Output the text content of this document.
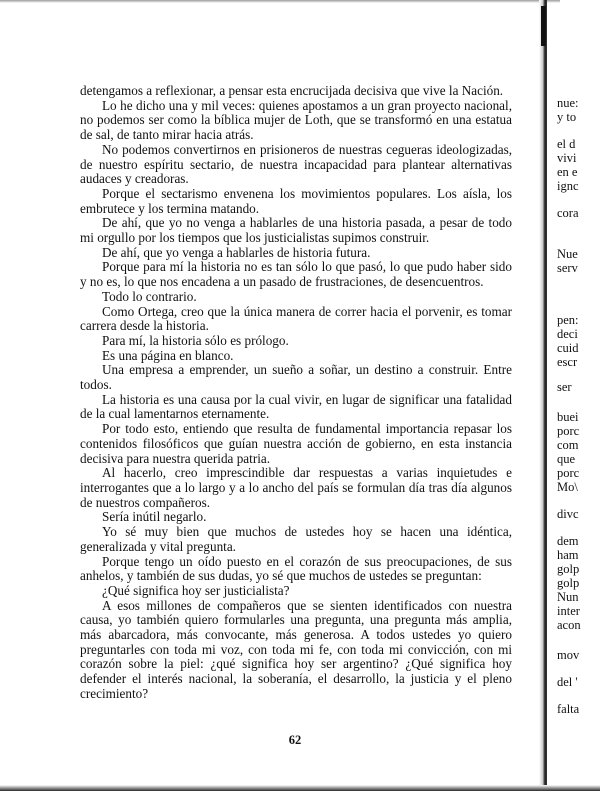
detengamos a reflexionar, a pensar esta encrucijada decisiva que vive la Nación.

Lo he dicho una y mil veces: quienes apostamos a un gran proyecto nacional, no podemos ser como la bíblica mujer de Loth, que se transformó en una estatua de sal, de tanto mirar hacia atrás.

No podemos convertirnos en prisioneros de nuestras cegueras ideologizadas, de nuestro espíritu sectario, de nuestra incapacidad para plantear alternativas audaces y creadoras.

Porque el sectarismo envenena los movimientos populares. Los aísla, los embrutece y los termina matando.

De ahí, que yo no venga a hablarles de una historia pasada, a pesar de todo mi orgullo por los tiempos que los justicialistas supimos construir.

De ahí, que yo venga a hablarles de historia futura.

Porque para mí la historia no es tan sólo lo que pasó, lo que pudo haber sido y no es, lo que nos encadena a un pasado de frustraciones, de desencuentros.

Todo lo contrario.

Como Ortega, creo que la única manera de correr hacia el porvenir, es tomar carrera desde la historia.

Para mí, la historia sólo es prólogo.

Es una página en blanco.

Una empresa a emprender, un sueño a soñar, un destino a construir. Entre todos.

La historia es una causa por la cual vivir, en lugar de significar una fatalidad de la cual lamentarnos eternamente.

Por todo esto, entiendo que resulta de fundamental importancia repasar los contenidos filosóficos que guían nuestra acción de gobierno, en esta instancia decisiva para nuestra querida patria.

Al hacerlo, creo imprescindible dar respuestas a varias inquietudes e interrogantes que a lo largo y a lo ancho del país se formulan día tras día algunos de nuestros compañeros.

Sería inútil negarlo.

Yo sé muy bien que muchos de ustedes hoy se hacen una idéntica, generalizada y vital pregunta.

Porque tengo un oído puesto en el corazón de sus preocupaciones, de sus anhelos, y también de sus dudas, yo sé que muchos de ustedes se preguntan:

¿Qué significa hoy ser justicialista?

A esos millones de compañeros que se sienten identificados con nuestra causa, yo también quiero formularles una pregunta, una pregunta más amplia, más abarcadora, más convocante, más generosa. A todos ustedes yo quiero preguntarles con toda mi voz, con toda mi fe, con toda mi convicción, con mi corazón sobre la piel: ¿qué significa hoy ser argentino? ¿Qué significa hoy defender el interés nacional, la soberanía, el desarrollo, la justicia y el pleno crecimiento?

62
nue:
y to
el d
vivi
en e
ignc
cora
Nue
serv
pen:
deci
cuid
escr
ser
buei
porc
com
que
porc
Mo\
divc
dem
ham
golp
golp
Nun
inter
acon
mov
del '
falta
